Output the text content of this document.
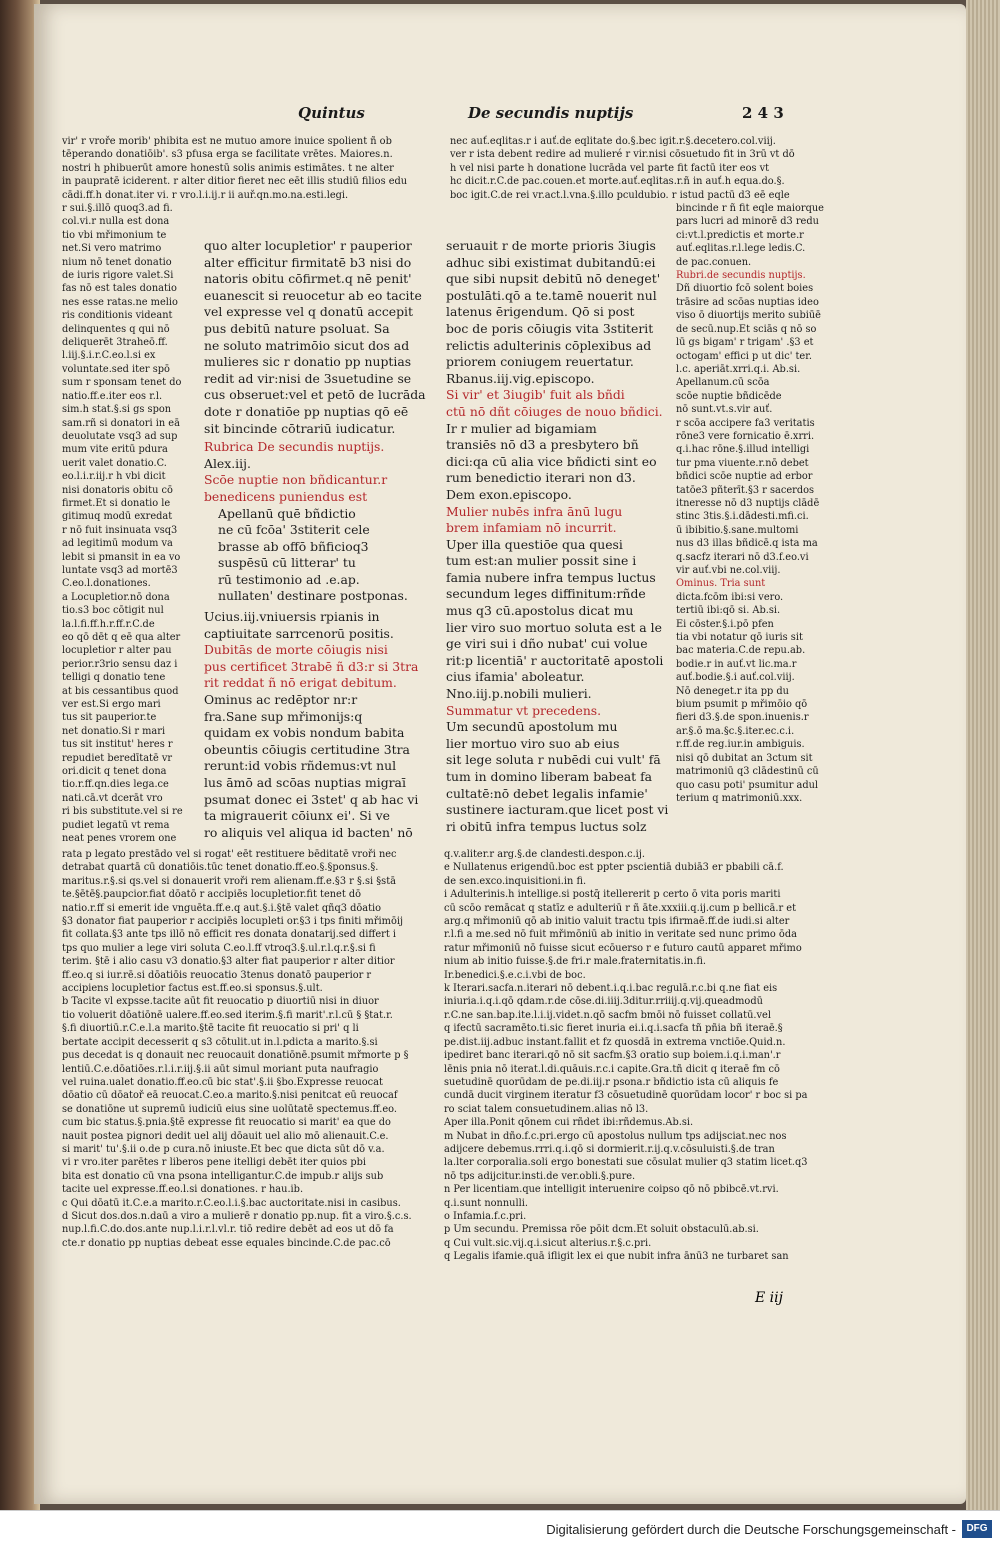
Quintus	De secundis nuptijs	2 4 3
vir' r vroře morib' phibita est ne mutuo amore inuice spolient ñ ob
tēperando donatiōib'. s3 pfusa erga se facilitate vrētes. Maiores.n.
nostri h phibuerūt amore honestū solis animis estimātes. t ne alter
in paupratē iciderent. r alter ditior fieret nec eēt illis studiū filios edu
cādi.ff.h donat.iter vi. r vro.l.i.ij.r ii auř.qn.mo.na.esti.legi.
r sui.§.illō quoq3.ad fi.
col.vi.r nulla est dona
tio vbi mřimonium te
net.Si vero matrimo
nium nō tenet donatio
de iuris rigore valet.Si
fas nō est tales donatio
nes esse ratas.ne melio
ris conditionis videant
delinquentes q qui nō
deliquerēt 3traheō.ff.
l.iij.§.i.r.C.eo.l.si ex
voluntate.sed iter spō
sum r sponsam tenet do
natio.ff.e.iter eos r.l.
sim.h stat.§.si gs spon
sam.rñ si donatori in eā
deuolutate vsq3 ad sup
mum vite eritū pdura
uerit valet donatio.C.
eo.l.i.r.iij.r h vbi dicit
nisi donatoris obitu cō
firmet.Et si donatio le
gitimuq modū exredat
r nō fuit insinuata vsq3
ad legitimū modum va
lebit si pmansit in ea vo
luntate vsq3 ad mortē3
C.eo.l.donationes.
a Locupletior.nō dona
tio.s3 boc cōtigit nul
la.l.fi.ff.h.r.ff.r.C.de
eo qō dēt q eē qua alter
locupletior r alter pau
perior.r3rio sensu daz i
telligi q donatio tene
at bis cessantibus quod
ver est.Si ergo mari
tus sit pauperior.te
net donatio.Si r mari
tus sit institut' heres r
repudiet beredītatē vr
ori.dicit q tenet dona
tio.r.ff.qn.dies lega.ce
nati.cā.vt dcerāt vro
ri bis substitute.vel si re
pudiet legatū vt rema
neat penes vrorem one
quo alter locupletior' r pauperior
alter efficitur firmitatē b3 nisi do
natoris obitu cōfirmet.q nē penit'
euanescit si reuocetur ab eo tacite
vel expresse vel q donatū accepit
pus debitū nature psoluat. Sa
ne soluto matrimōio sicut dos ad
mulieres sic r donatio pp nuptias
redit ad vir:nisi de 3suetudine se
cus obseruet:vel et petō de lucrāda
dote r donatiōe pp nuptias qō eē
sit bincinde cōtrariū iudicatur.
Rubrica De secundis nuptijs.
Alex.iij.
Scōe nuptie non bñdicantur.r
benedicens puniendus est
Apellanū quē bñdictio
ne cū fcōa' 3stiterit cele
brasse ab offō bñficioq3
suspēsū cū litterar' tu
rū testimonio ad .e.ap.
nullaten' destinare postponas.
Ucius.iij.vniuersis rpianis in captiuitate sarrcenorū positis.
Dubitās de morte cōiugis nisi
pus certificet 3trabē ñ d3:r si 3tra
rit reddat ñ nō erigat debitum.
Ominus ac redēptor nr:r
fra.Sane sup mřimonijs:q
quidam ex vobis nondum babita
obeuntis cōiugis certitudine 3tra
rerunt:id vobis rñdemus:vt nul
lus āmō ad scōas nuptias migraī
psumat donec ei 3stet' q ab hac vi
ta migrauerit cōiunx ei'. Si ve
ro aliquis vel aliqua id bacten' nō
seruauit r de morte prioris 3iugis
adhuc sibi existimat dubitandū:ei
que sibi nupsit debitū nō deneget'
postulāti.qō a te.tamē nouerit nul
latenus ērigendum. Qō si post
boc de poris cōiugis vita 3stiterit
relictis adulterinis cōplexibus ad
priorem coniugem reuertatur.
Rbanus.iij.vig.episcopo.
Si vir' et 3iugib' fuit als bñdi
ctū nō dñt cōiuges de nouo bñdici.
Ir r mulier ad bigamiam
transiēs nō d3 a presbytero bñ
dici:qa cū alia vice bñdicti sint eo
rum benedictio iterari non d3.
Dem exon.episcopo.
Mulier nubēs infra ānū lugu
brem infamiam nō incurrit.
Uper illa questiōe qua quesi
tum est:an mulier possit sine i
famia nubere infra tempus luctus
secundum leges diffinitum:rñde
mus q3 cū.apostolus dicat mu
lier viro suo mortuo soluta est a le
ge viri sui i dño nubat' cui volue
rit:p licentiā' r auctoritatē apostoli
cius ifamia' aboleatur.
Nno.iij.p.nobili mulieri.
Summatur vt precedens.
Um secundū apostolum mu
lier mortuo viro suo ab eius
sit lege soluta r nubēdi cui vult' fā
tum in domino liberam babeat fa
cultatē:nō debet legalis infamie'
sustinere iacturam.que licet post vi
ri obitū infra tempus luctus solz
nec auť.eqlitas.r i auť.de eqlitate do.§.bec igit.r.§.decetero.col.viij.
ver r ista debent redire ad mulieré r vir.nisi cōsuetudo fit in 3rū vt dō
h vel nisi parte h donatione lucrāda vel parte fit factū iter eos vt
hc dicit.r.C.de pac.couen.et morte.auť.eqlitas.r.ñ in auť.h equa.do.§.
boc igit.C.de rei vr.act.l.vna.§.illo pculdubio. r istud pactū d3 eē eqle
bincinde r ñ fit eqle maiorque
pars lucri ad minorē d3 redu
ci:vt.l.predictis et morte.r
auť.eqlitas.r.l.lege ledis.C.
de pac.conuen.
Rubri.de secundis nuptijs.
Dñ diuortio fcō solent boies
trāsire ad scōas nuptias ideo
viso ō diuortijs merito subiūē
de secū.nup.Et sciās q nō so
lū gs bigam' r trigam' .§3 et
octogam' effici p ut dic' ter.
l.c. aperiāt.xrri.q.i. Ab.si.
Apellanum.cū scōa
scōe nuptie bñdicēde
nō sunt.vt.s.vir auť.
r scōa accipere fa3 veritatis
rōne3 vere fornicatio ē.xrri.
q.i.hac rōne.§.illud intelligi
tur pma viuente.r.nō debet
bñdici scōe nuptie ad erbor
tatōe3 pñterīt.§3 r sacerdos
itneresse nō d3 nuptijs clādē
stinc 3tis.§.i.dādesti.mfi.ci.
ū ibibitio.§.sane.multomi
nus d3 illas bñdicē.q ista ma
q.sacfz iterari nō d3.f.eo.vi
vir auť.vbi ne.col.viij.
Ominus. Tria sunt
dicta.fcōm ibi:si vero.
tertiū ibi:qō si. Ab.si.
Ei cōster.§.i.pō pfen
tia vbi notatur qō iuris sit
bac materia.C.de repu.ab.
bodie.r in auť.vt lic.ma.r
auť.bodie.§.i auť.col.viij.
Nō deneget.r ita pp du
bium psumit p mřimōio qō
fieri d3.§.de spon.inuenis.r
ar.§.ō ma.§c.§.iter.ec.c.i.
r.ff.de reg.iur.in ambiguis.
nisi qō dubitat an 3ctum sit
matrimoniū q3 clādestinū cū
quo casu poti' psumitur adul
terium q matrimoniū.xxx.
rata p legato prestādo vel si rogat' eēt restituere bēditatē vroři nec
detrabat quartā cū donatiōis.tūc tenet donatio.ff.eo.§.§ponsus.§.
maritus.r.§.si qs.vel si donauerit vroři rem alienam.ff.e.§3 r §.si §stā
te.§ētē§.paupcior.fiat dōatō r accipiēs locupletior.fit tenet dō
natio.r.ff si emerit ide vnguēta.ff.e.q aut.§.i.§tē valet qñq3 dōatio
§3 donator fiat pauperior r accipiēs locupleti or.§3 i tps finiti mřimōij
fit collata.§3 ante tps illō nō efficit res donata donatarij.sed differt i
tps quo mulier a lege viri soluta C.eo.l.ff vtroq3.§.ul.r.l.q.r.§.si fi
terim. §tē i alio casu v3 donatio.§3 alter fiat pauperior r alter ditior
ff.eo.q si iur.rē.si dōatiōis reuocatio 3tenus donatō pauperior r
accipiens locupletior factus est.ff.eo.si sponsus.§.ult.
b Tacite vl expsse.tacite aūt fit reuocatio p diuortiū nisi in diuor
tio voluerit dōatiōnē ualere.ff.eo.sed iterim.§.fi marit'.r.l.cū § §tat.r.
§.fi diuortiū.r.C.e.l.a marito.§tē tacite fit reuocatio si pri' q li
bertate accipit decesserit q s3 cōtulit.ut in.l.pdicta a marito.§.si
pus decedat is q donauit nec reuocauit donatiōnē.psumit mřmorte p §
lentiū.C.e.dōatiōes.r.l.i.r.iij.§.ii aūt simul moriant puta naufragio
vel ruina.ualet donatio.ff.eo.cū bic stat'.§.ii §bo.Expresse reuocat
dōatio cū dōatoř eā reuocat.C.eo.a marito.§.nisi penitcat eū reuocaf
se donatiōne ut supremū iudiciū eius sine uolūtatē spectemus.ff.eo.
cum bic status.§.pnia.§tē expresse fit reuocatio si marit' ea que do
nauit postea pignori dedit uel alij dōauit uel alio mō alienauit.C.e.
si marit' tu'.§.ii o.de p cura.nō iniuste.Et bec que dicta sūt dō v.a.
vi r vro.iter parētes r liberos pene itelligi debēt iter quios pbi
bita est donatio cū vna psona intelligantur.C.de impub.r alijs sub
tacite uel expresse.ff.eo.l.si donationes. r hau.ib.
c Qui dōatū it.C.e.a marito.r.C.eo.l.i.§.bac auctoritate.nisi in casibus.
d Sicut dos.dos.n.daū a viro a mulierē r donatio pp.nup. fit a viro.§.c.s.
nup.l.fi.C.do.dos.ante nup.l.i.r.l.vl.r. tiō redire debēt ad eos ut dō fa
cte.r donatio pp nuptias debeat esse equales bincinde.C.de pac.cō
q.v.aliter.r arg.§.de clandesti.despon.c.ij.
e Nullatenus erigendū.boc est ppter pscientiā dubiā3 er pbabili cā.f.
de sen.exco.inquisitioni.in fi.
i Adulterinis.h intellige.si postq̄ itellererit p certo ō vita poris mariti
cū scōo remācat q statīz e adulteriū r ñ āte.xxxiii.q.ij.cum p bellicā.r et
arg.q mřimoniū qō ab initio valuit tractu tpis ifirmaē.ff.de iudi.si alter
r.l.fi a me.sed nō fuit mřimōniū ab initio in veritate sed nunc primo ōda
ratur mřimoniū nō fuisse sicut ecōuerso r e futuro cautū apparet mřimo
nium ab initio fuisse.§.de fri.r male.fraternitatis.in.fi.
Ir.benedici.§.e.c.i.vbi de boc.
k Iterari.sacfa.n.iterari nō debent.i.q.i.bac regulā.r.c.bi q.ne fiat eis
iniuria.i.q.i.qō qdam.r.de cōse.di.iiij.3ditur.rriiij.q.vij.queadmodū
r.C.ne san.bap.ite.l.i.ij.videt.n.qō sacfm bmōi nō fuisset collatū.vel
q ifectū sacramēto.ti.sic fieret inuria ei.i.q.i.sacfa tñ pñia bñ iteraē.§
pe.dist.iij.adbuc instant.fallit et fz quosdā in extrema vnctiōe.Quid.n.
ipediret banc iterari.qō nō sit sacfm.§3 oratio sup boiem.i.q.i.man'.r
lēnis pnia nō iterat.l.di.quāuis.r.c.i capite.Gra.tñ dicit q iteraē fm cō
suetudinē quorūdam de pe.di.iij.r psona.r bñdictio ista cū aliquis fe
cundā ducit virginem iteratur f3 cōsuetudinē quorūdam locor' r boc si pa
ro sciat talem consuetudinem.alias nō l3.
Aper illa.Ponit qōnem cui rñdet ibi:rñdemus.Ab.si.
m Nubat in dño.f.c.pri.ergo cū apostolus nullum tps adijsciat.nec nos
adijcere debemus.rrri.q.i.qō si dormierit.r.ij.q.v.cōsuluisti.§.de tran
la.lter corporalia.soli ergo bonestati sue cōsulat mulier q3 statim licet.q3
nō tps adijcitur.insti.de ver.obli.§.pure.
n Per licentiam.que intelligit interuenire coipso qō nō pbibcē.vt.rvi.
q.i.sunt nonnulli.
o Infamia.f.c.pri.
p Um secundu. Premissa rōe pōit dcm.Et soluit obstaculū.ab.si.
q Cui vult.sic.vij.q.i.sicut alterius.r.§.c.pri.
q Legalis ifamie.quā ifligit lex ei que nubit infra ānū3 ne turbaret san
E iij
Digitalisierung gefördert durch die Deutsche Forschungsgemeinschaft -	DFG
